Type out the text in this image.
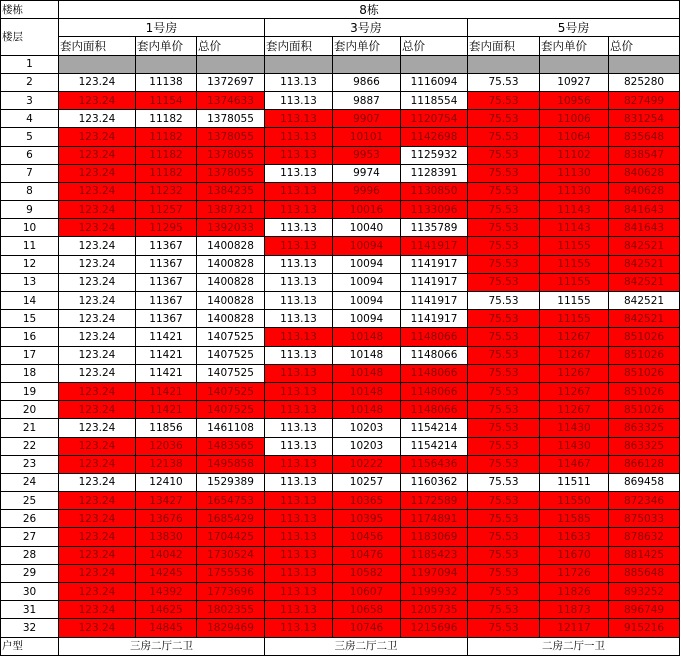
楼栋	8栋								
楼层	1号房			3号房			5号房		
	套内面积	套内单价	总价	套内面积	套内单价	总价	套内面积	套内单价	总价
1									
2	123.24	11138	1372697	113.13	9866	1116094	75.53	10927	825280
3	123.24	11154	1374633	113.13	9887	1118554	75.53	10956	827499
4	123.24	11182	1378055	113.13	9907	1120754	75.53	11006	831254
5	123.24	11182	1378055	113.13	10101	1142698	75.53	11064	835648
6	123.24	11182	1378055	113.13	9953	1125932	75.53	11102	838547
7	123.24	11182	1378055	113.13	9974	1128391	75.53	11130	840628
8	123.24	11232	1384235	113.13	9996	1130850	75.53	11130	840628
9	123.24	11257	1387321	113.13	10016	1133096	75.53	11143	841643
10	123.24	11295	1392033	113.13	10040	1135789	75.53	11143	841643
11	123.24	11367	1400828	113.13	10094	1141917	75.53	11155	842521
12	123.24	11367	1400828	113.13	10094	1141917	75.53	11155	842521
13	123.24	11367	1400828	113.13	10094	1141917	75.53	11155	842521
14	123.24	11367	1400828	113.13	10094	1141917	75.53	11155	842521
15	123.24	11367	1400828	113.13	10094	1141917	75.53	11155	842521
16	123.24	11421	1407525	113.13	10148	1148066	75.53	11267	851026
17	123.24	11421	1407525	113.13	10148	1148066	75.53	11267	851026
18	123.24	11421	1407525	113.13	10148	1148066	75.53	11267	851026
19	123.24	11421	1407525	113.13	10148	1148066	75.53	11267	851026
20	123.24	11421	1407525	113.13	10148	1148066	75.53	11267	851026
21	123.24	11856	1461108	113.13	10203	1154214	75.53	11430	863325
22	123.24	12036	1483565	113.13	10203	1154214	75.53	11430	863325
23	123.24	12138	1495858	113.13	10222	1156436	75.53	11467	866128
24	123.24	12410	1529389	113.13	10257	1160362	75.53	11511	869458
25	123.24	13427	1654753	113.13	10365	1172589	75.53	11550	872346
26	123.24	13676	1685429	113.13	10395	1174891	75.53	11585	875033
27	123.24	13830	1704425	113.13	10456	1183069	75.53	11633	878632
28	123.24	14042	1730524	113.13	10476	1185423	75.53	11670	881425
29	123.24	14245	1755536	113.13	10582	1197094	75.53	11726	885648
30	123.24	14392	1773696	113.13	10607	1199932	75.53	11826	893252
31	123.24	14625	1802355	113.13	10658	1205735	75.53	11873	896749
32	123.24	14845	1829469	113.13	10746	1215696	75.53	12117	915216
户型	三房二厅二卫			三房二厅二卫			二房二厅一卫		
